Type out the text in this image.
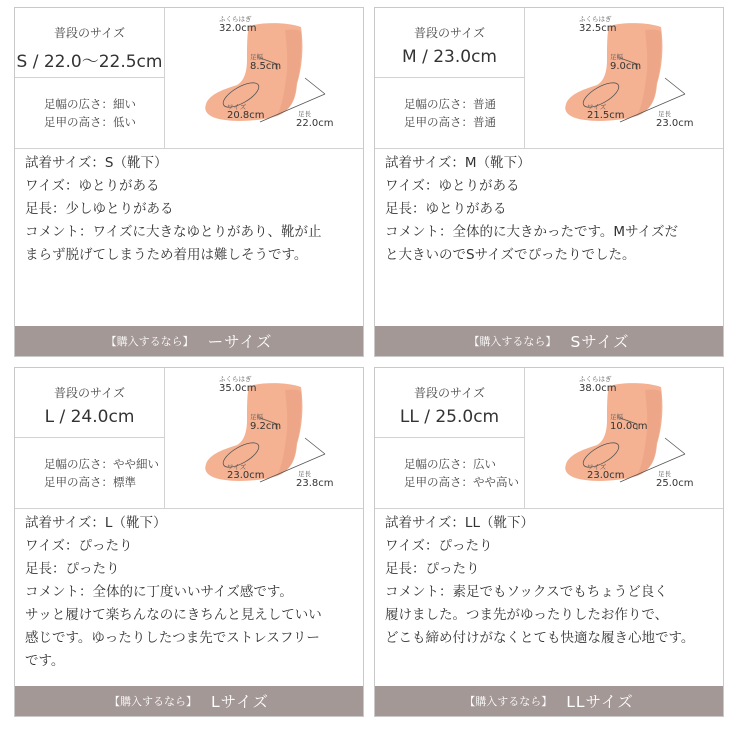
普段のサイズ
S / 22.0〜22.5cm
足幅の広さ：細い
足甲の高さ：低い
ふくらはぎ
32.0cm
足幅
8.5cm
ワイズ
20.8cm	足長
22.0cm
試着サイズ：S（靴下）
ワイズ：ゆとりがある
足長：少しゆとりがある
コメント：ワイズに大きなゆとりがあり、靴が止
まらず脱げてしまうため着用は難しそうです。
【購入するなら】 ーサイズ
普段のサイズ
M / 23.0cm
足幅の広さ：普通
足甲の高さ：普通
ふくらはぎ
32.5cm
足幅
9.0cm
ワイズ
21.5cm	足長
23.0cm
試着サイズ：M（靴下）
ワイズ：ゆとりがある
足長：ゆとりがある
コメント：全体的に大きかったです。Mサイズだ
と大きいのでSサイズでぴったりでした。
【購入するなら】 Sサイズ
普段のサイズ
L / 24.0cm
足幅の広さ：やや細い
足甲の高さ：標準
ふくらはぎ
35.0cm
足幅
9.2cm
ワイズ
23.0cm	足長
23.8cm
試着サイズ：L（靴下）
ワイズ：ぴったり
足長：ぴったり
コメント：全体的に丁度いいサイズ感です。
サッと履けて楽ちんなのにきちんと見えしていい
感じです。ゆったりしたつま先でストレスフリー
です。
【購入するなら】 Lサイズ
普段のサイズ
LL / 25.0cm
足幅の広さ：広い
足甲の高さ：やや高い
ふくらはぎ
38.0cm
足幅
10.0cm
ワイズ
23.0cm	足長
25.0cm
試着サイズ：LL（靴下）
ワイズ：ぴったり
足長：ぴったり
コメント：素足でもソックスでもちょうど良く
履けました。つま先がゆったりしたお作りで、
どこも締め付けがなくとても快適な履き心地です。
【購入するなら】 LLサイズ
